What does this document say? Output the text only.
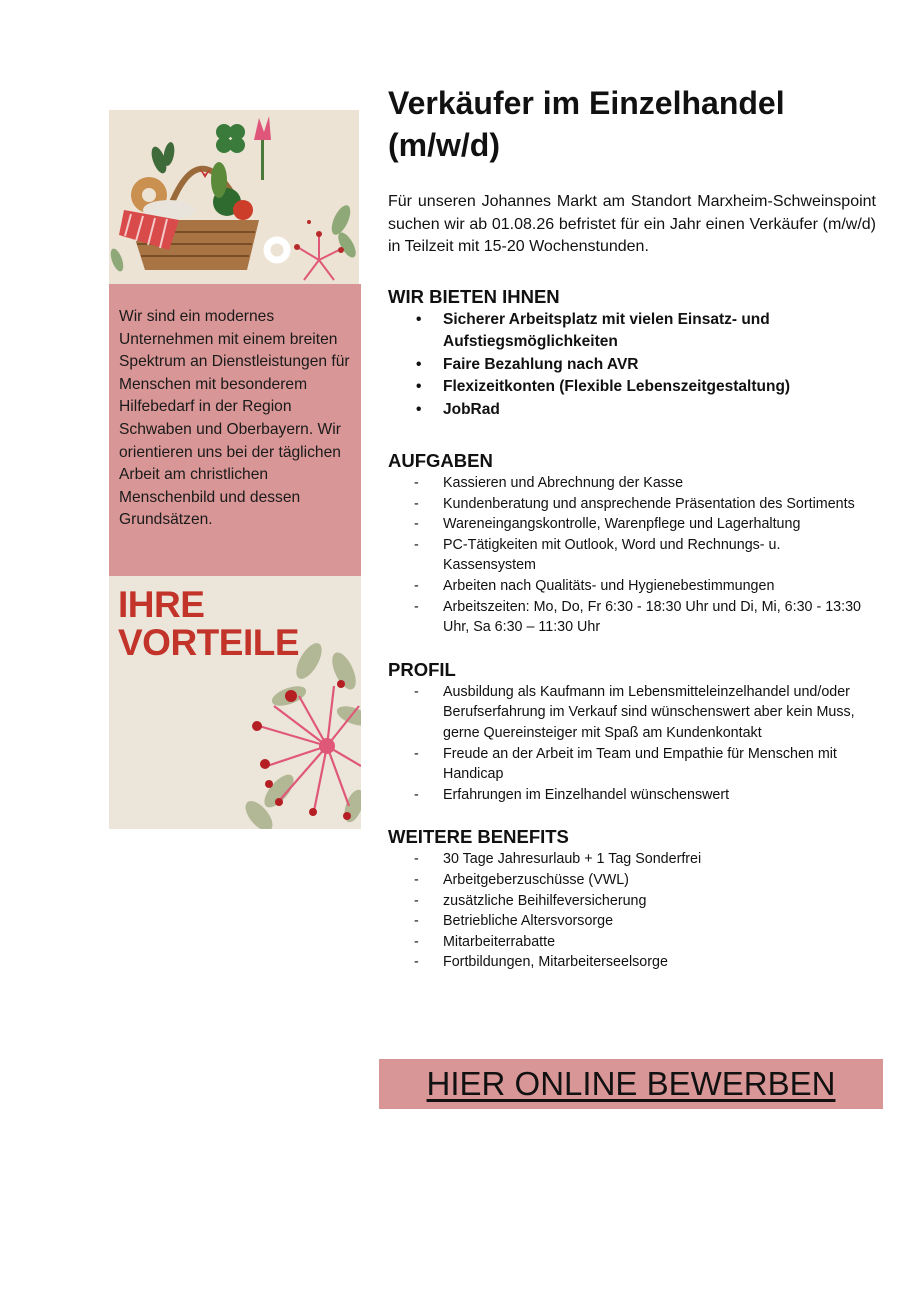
Wir sind ein modernes Unternehmen mit einem breiten Spektrum an Dienstleistungen für Menschen mit besonderem Hilfebedarf in der Region Schwaben und Oberbayern. Wir orientieren uns bei der täglichen Arbeit am christlichen Menschenbild und dessen Grundsätzen.
IHRE
VORTEILE
Verkäufer im Einzelhandel (m/w/d)

Für unseren Johannes Markt am Standort Marxheim-Schweinspoint suchen wir ab 01.08.26 befristet für ein Jahr einen Verkäufer (m/w/d) in Teilzeit mit 15-20 Wochenstunden.

WIR BIETEN IHNEN
• Sicherer Arbeitsplatz mit vielen Einsatz- und Aufstiegsmöglichkeiten
• Faire Bezahlung nach AVR
• Flexizeitkonten (Flexible Lebenszeitgestaltung)
• JobRad
AUFGABEN
- Kassieren und Abrechnung der Kasse
- Kundenberatung und ansprechende Präsentation des Sortiments
- Wareneingangskontrolle, Warenpflege und Lagerhaltung
- PC-Tätigkeiten mit Outlook, Word und Rechnungs- u. Kassensystem
- Arbeiten nach Qualitäts- und Hygienebestimmungen
- Arbeitszeiten: Mo, Do, Fr 6:30 - 18:30 Uhr und Di, Mi, 6:30 - 13:30 Uhr, Sa 6:30 – 11:30 Uhr
PROFIL
- Ausbildung als Kaufmann im Lebensmitteleinzelhandel und/oder Berufserfahrung im Verkauf sind wünschenswert aber kein Muss, gerne Quereinsteiger mit Spaß am Kundenkontakt
- Freude an der Arbeit im Team und Empathie für Menschen mit Handicap
- Erfahrungen im Einzelhandel wünschenswert
WEITERE BENEFITS
- 30 Tage Jahresurlaub + 1 Tag Sonderfrei
- Arbeitgeberzuschüsse (VWL)
- zusätzliche Beihilfeversicherung
- Betriebliche Altersvorsorge
- Mitarbeiterrabatte
- Fortbildungen, Mitarbeiterseelsorge
HIER ONLINE BEWERBEN
